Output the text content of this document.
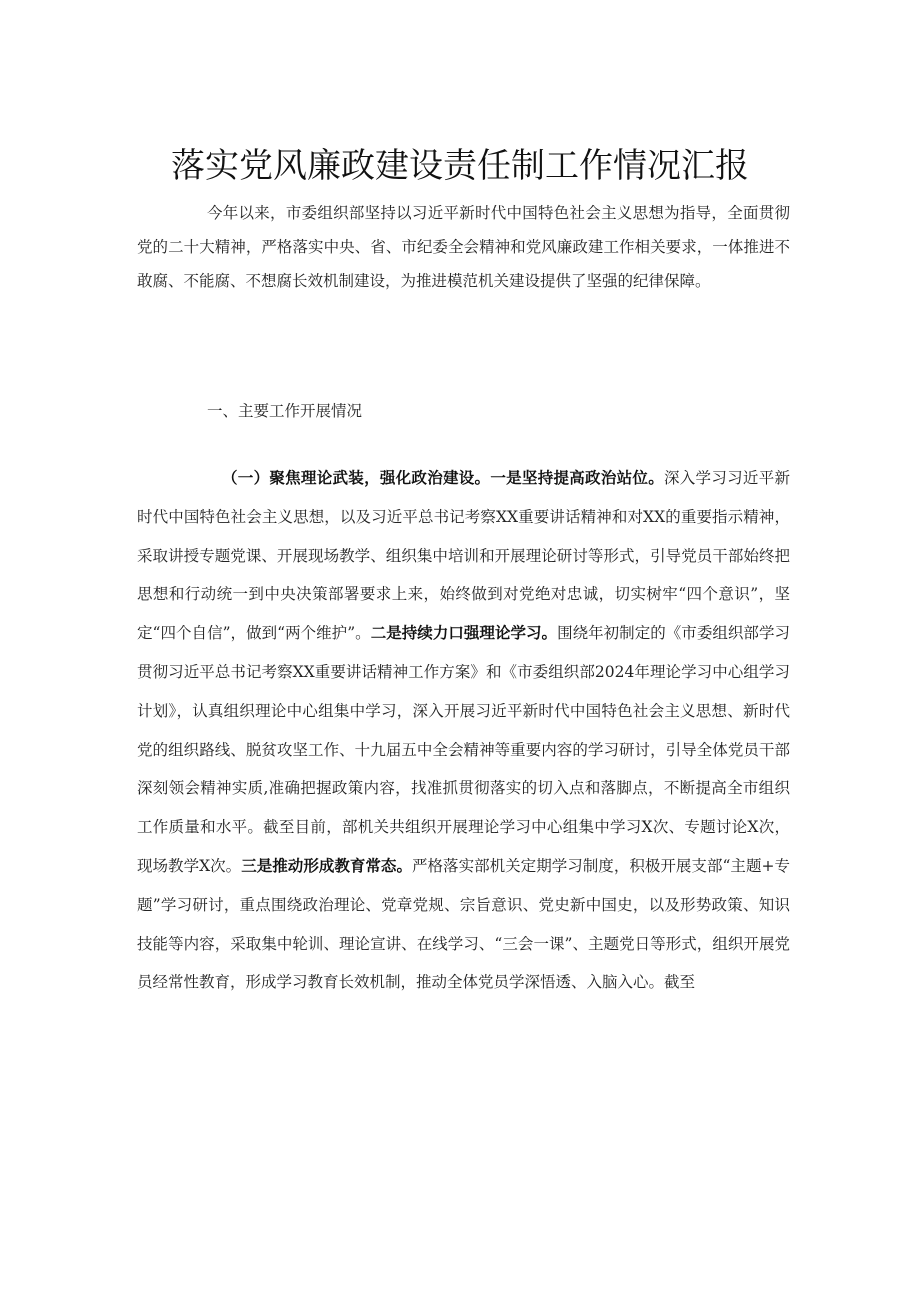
落实党风廉政建设责任制工作情况汇报

今年以来，市委组织部坚持以习近平新时代中国特色社会主义思想为指导，全面贯彻党的二十大精神，严格落实中央、省、市纪委全会精神和党风廉政建工作相关要求，一体推进不敢腐、不能腐、不想腐长效机制建设，为推进模范机关建设提供了坚强的纪律保障。

一、主要工作开展情况

（一）聚焦理论武装，强化政治建设。一是坚持提高政治站位。深入学习习近平新时代中国特色社会主义思想，以及习近平总书记考察XX重要讲话精神和对XX的重要指示精神，采取讲授专题党课、开展现场教学、组织集中培训和开展理论研讨等形式，引导党员干部始终把思想和行动统一到中央决策部署要求上来，始终做到对党绝对忠诚，切实树牢“四个意识”，坚定“四个自信”，做到“两个维护”。二是持续力口强理论学习。围绕年初制定的《市委组织部学习贯彻习近平总书记考察XX重要讲话精神工作方案》和《市委组织部2024年理论学习中心组学习计划》，认真组织理论中心组集中学习，深入开展习近平新时代中国特色社会主义思想、新时代党的组织路线、脱贫攻坚工作、十九届五中全会精神等重要内容的学习研讨，引导全体党员干部深刻领会精神实质,准确把握政策内容，找准抓贯彻落实的切入点和落脚点，不断提高全市组织工作质量和水平。截至目前，部机关共组织开展理论学习中心组集中学习X次、专题讨论X次，现场教学X次。三是推动形成教育常态。严格落实部机关定期学习制度，积极开展支部“主题+专题”学习研讨，重点围绕政治理论、党章党规、宗旨意识、党史新中国史，以及形势政策、知识技能等内容，采取集中轮训、理论宣讲、在线学习、“三会一课”、主题党日等形式，组织开展党员经常性教育，形成学习教育长效机制，推动全体党员学深悟透、入脑入心。截至
